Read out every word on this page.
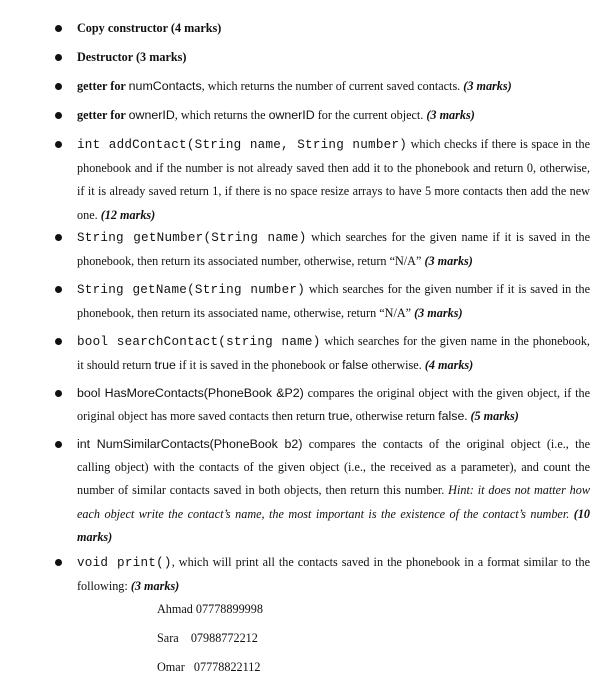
Copy constructor (4 marks)
Destructor (3 marks)
getter for numContacts, which returns the number of current saved contacts. (3 marks)
getter for ownerID, which returns the ownerID for the current object. (3 marks)
int addContact(String name, String number) which checks if there is space in the phonebook and if the number is not already saved then add it to the phonebook and return 0, otherwise, if it is already saved return 1, if there is no space resize arrays to have 5 more contacts then add the new one. (12 marks)
String getNumber(String name) which searches for the given name if it is saved in the phonebook, then return its associated number, otherwise, return “N/A” (3 marks)
String getName(String number) which searches for the given number if it is saved in the phonebook, then return its associated name, otherwise, return “N/A” (3 marks)
bool searchContact(string name) which searches for the given name in the phonebook, it should return true if it is saved in the phonebook or false otherwise. (4 marks)
bool HasMoreContacts(PhoneBook &P2) compares the original object with the given object, if the original object has more saved contacts then return true, otherwise return false. (5 marks)
int NumSimilarContacts(PhoneBook b2) compares the contacts of the original object (i.e., the calling object) with the contacts of the given object (i.e., the received as a parameter), and count the number of similar contacts saved in both objects, then return this number. Hint: it does not matter how each object write the contact’s name, the most important is the existence of the contact’s number. (10 marks)
void print(), which will print all the contacts saved in the phonebook in a format similar to the following: (3 marks)
Ahmad 07778899998
Sara    07988772212
Omar   07778822112
